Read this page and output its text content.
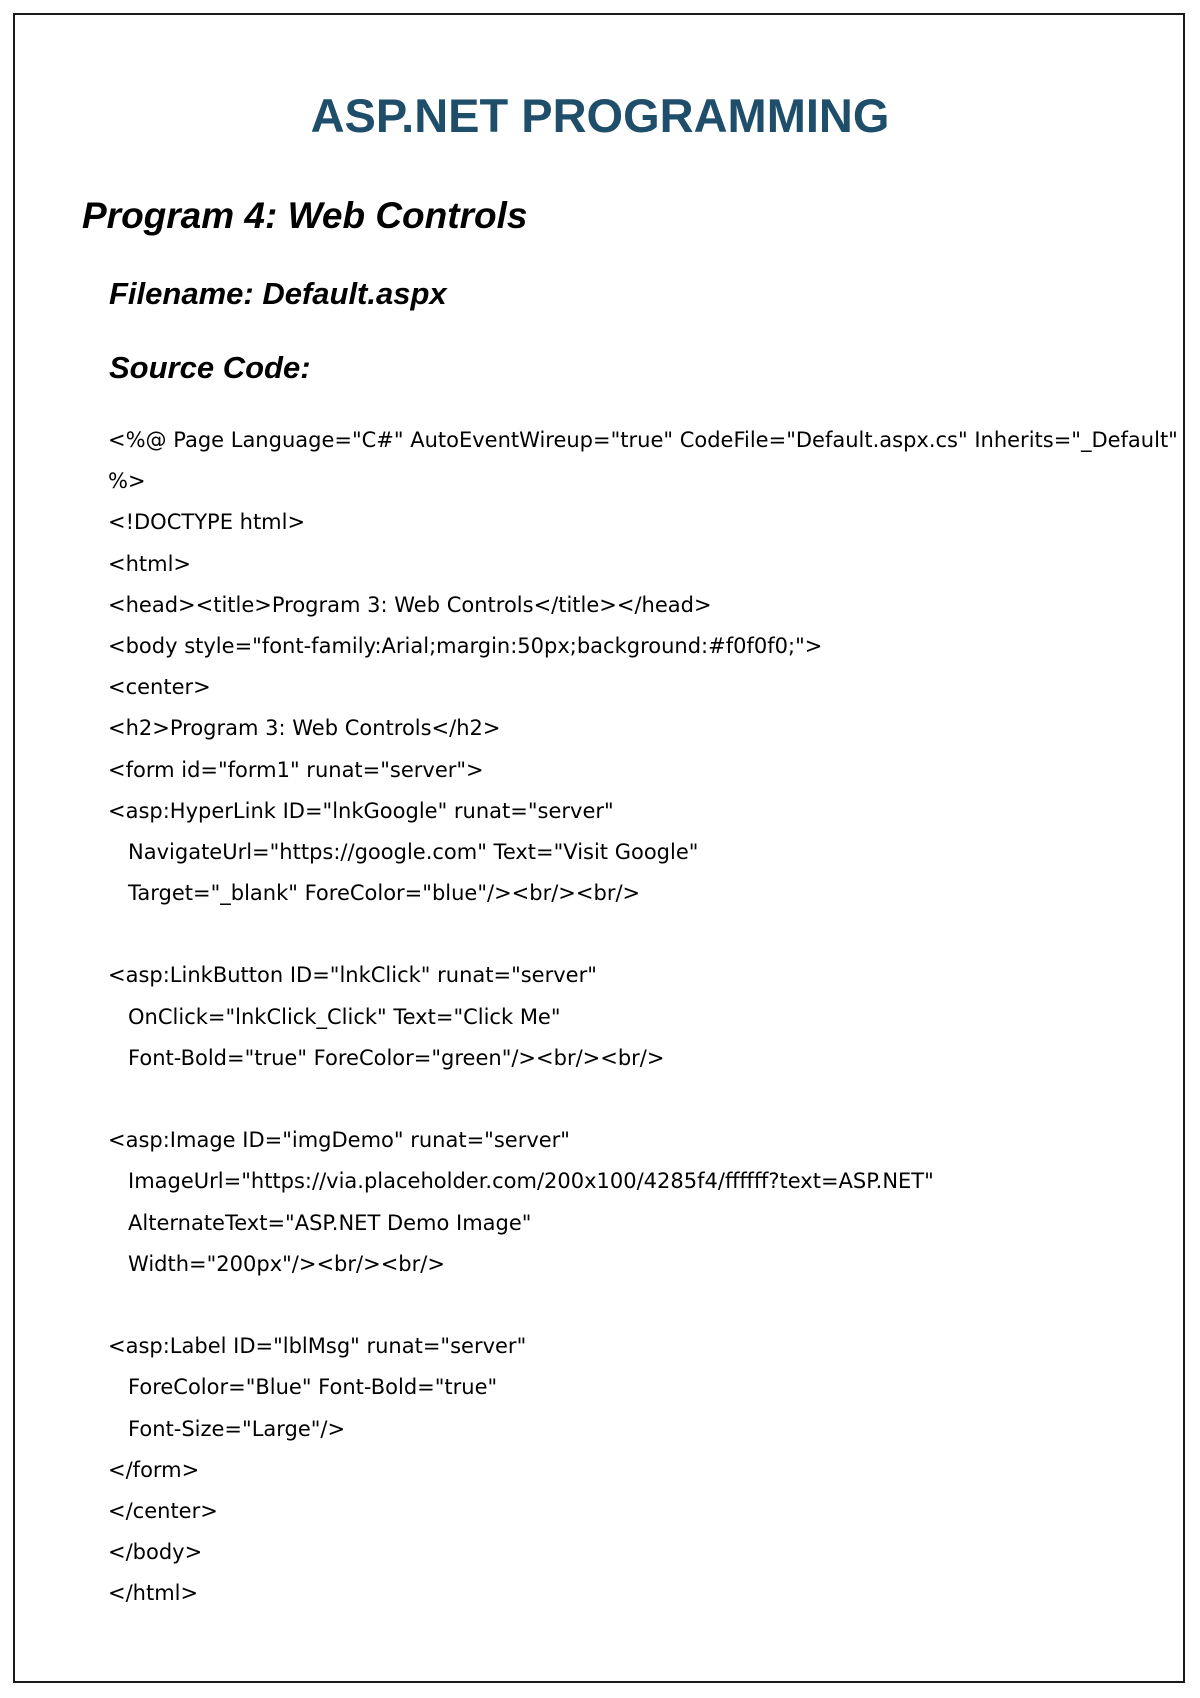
ASP.NET PROGRAMMING
Program 4: Web Controls
Filename: Default.aspx
Source Code:
<%@ Page Language="C#" AutoEventWireup="true" CodeFile="Default.aspx.cs" Inherits="_Default"
%>
<!DOCTYPE html>
<html>
<head><title>Program 3: Web Controls</title></head>
<body style="font-family:Arial;margin:50px;background:#f0f0f0;">
<center>
<h2>Program 3: Web Controls</h2>
<form id="form1" runat="server">
<asp:HyperLink ID="lnkGoogle" runat="server"
NavigateUrl="https://google.com" Text="Visit Google"
Target="_blank" ForeColor="blue"/><br/><br/>
<asp:LinkButton ID="lnkClick" runat="server"
OnClick="lnkClick_Click" Text="Click Me"
Font-Bold="true" ForeColor="green"/><br/><br/>
<asp:Image ID="imgDemo" runat="server"
ImageUrl="https://via.placeholder.com/200x100/4285f4/ffffff?text=ASP.NET"
AlternateText="ASP.NET Demo Image"
Width="200px"/><br/><br/>
<asp:Label ID="lblMsg" runat="server"
ForeColor="Blue" Font-Bold="true"
Font-Size="Large"/>
</form>
</center>
</body>
</html>
